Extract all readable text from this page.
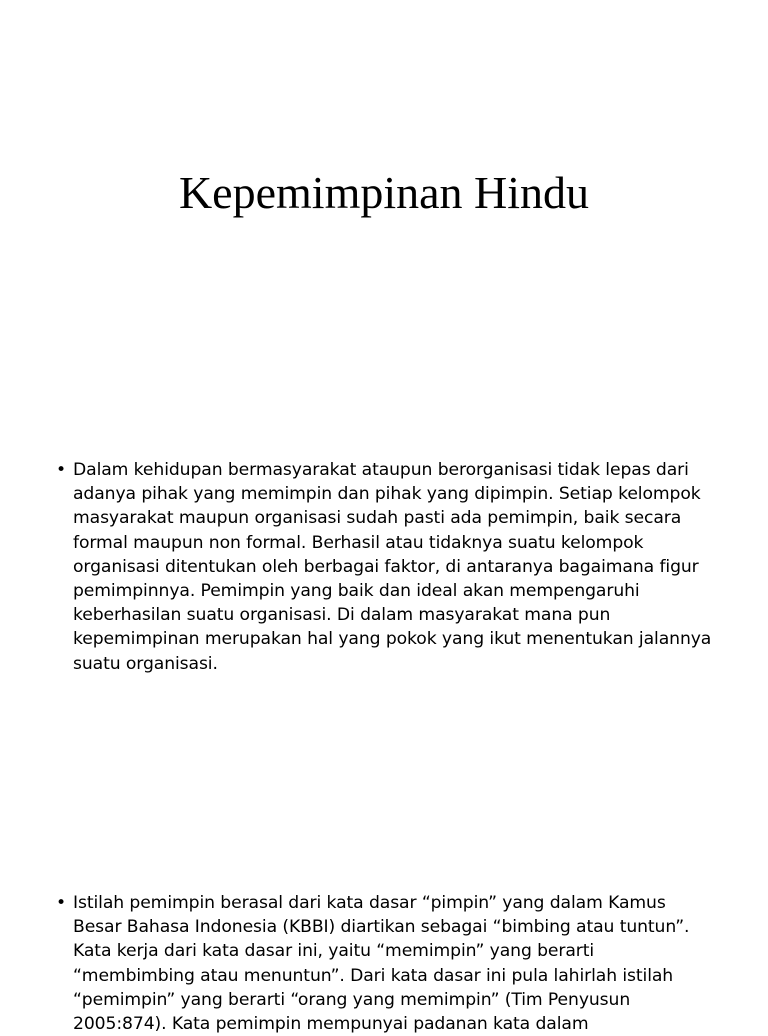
Kepemimpinan Hindu
• Dalam kehidupan bermasyarakat ataupun berorganisasi tidak lepas dari adanya pihak yang memimpin dan pihak yang dipimpin. Setiap kelompok masyarakat maupun organisasi sudah pasti ada pemimpin, baik secara formal maupun non formal. Berhasil atau tidaknya suatu kelompok organisasi ditentukan oleh berbagai faktor, di antaranya bagaimana figur pemimpinnya. Pemimpin yang baik dan ideal akan mempengaruhi keberhasilan suatu organisasi. Di dalam masyarakat mana pun kepemimpinan merupakan hal yang pokok yang ikut menentukan jalannya suatu organisasi.

• Istilah pemimpin berasal dari kata dasar “pimpin” yang dalam Kamus Besar Bahasa Indonesia (KBBI) diartikan sebagai “bimbing atau tuntun”. Kata kerja dari kata dasar ini, yaitu “memimpin” yang berarti “membimbing atau menuntun”. Dari kata dasar ini pula lahirlah istilah “pemimpin” yang berarti “orang yang memimpin” (Tim Penyusun 2005:874). Kata pemimpin mempunyai padanan kata dalam
